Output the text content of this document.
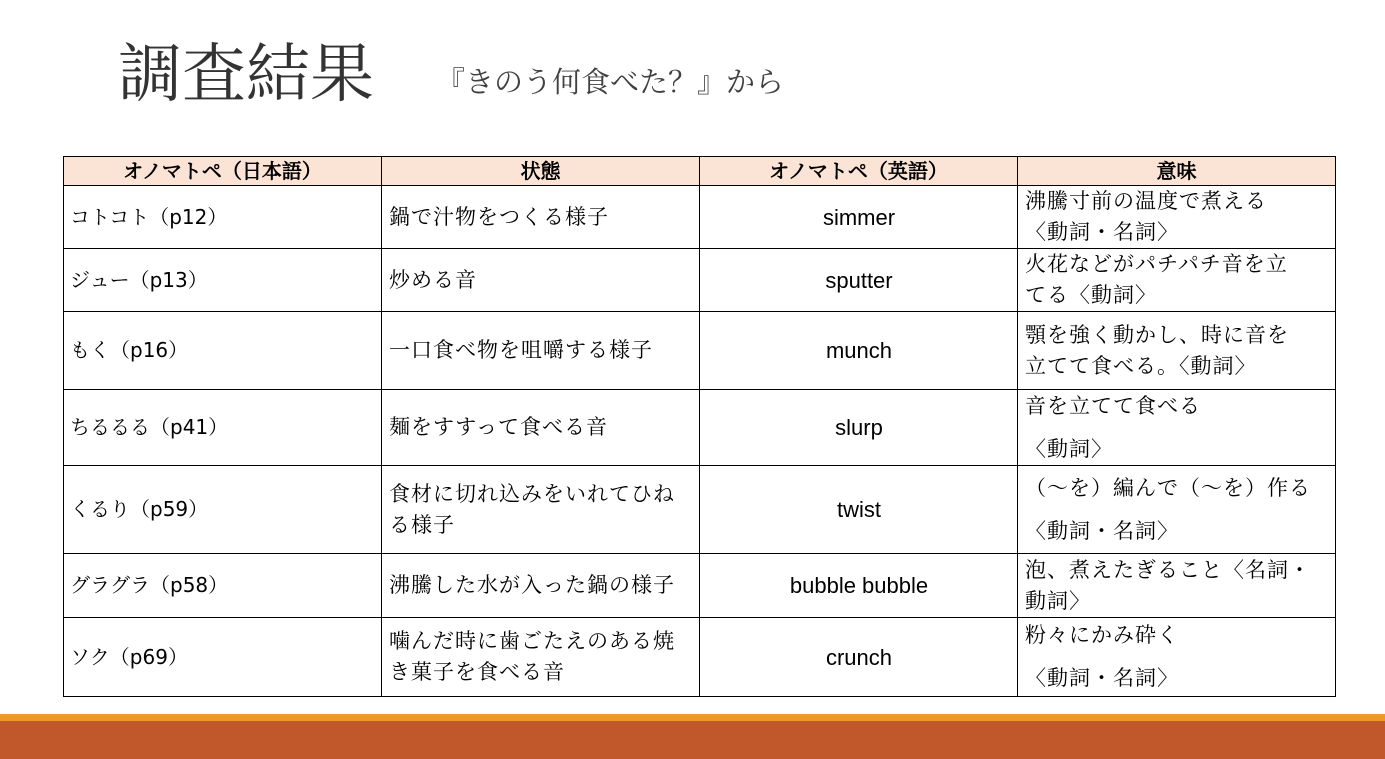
調査結果 『きのう何食べた？』から
オノマトペ（日本語）	状態	オノマトペ（英語）	意味
コトコト（p12）	鍋で汁物をつくる様子	simmer	沸騰寸前の温度で煮える
〈動詞・名詞〉

ジュー（p13）	炒める音	sputter	火花などがパチパチ音を立
てる〈動詞〉

もく（p16）	一口食べ物を咀嚼する様子	munch	顎を強く動かし、時に音を
立てて食べる。〈動詞〉

ちるるる（p41）	麺をすすって食べる音	slurp	音を立てて食べる
〈動詞〉

くるり（p59）	食材に切れ込みをいれてひねる様子	twist	（～を）編んで（～を）作る
〈動詞・名詞〉

グラグラ（p58）	沸騰した水が入った鍋の様子	bubble bubble	泡、煮えたぎること〈名詞・
動詞〉

ソク（p69）	噛んだ時に歯ごたえのある焼き菓子を食べる音	crunch	粉々にかみ砕く
〈動詞・名詞〉
